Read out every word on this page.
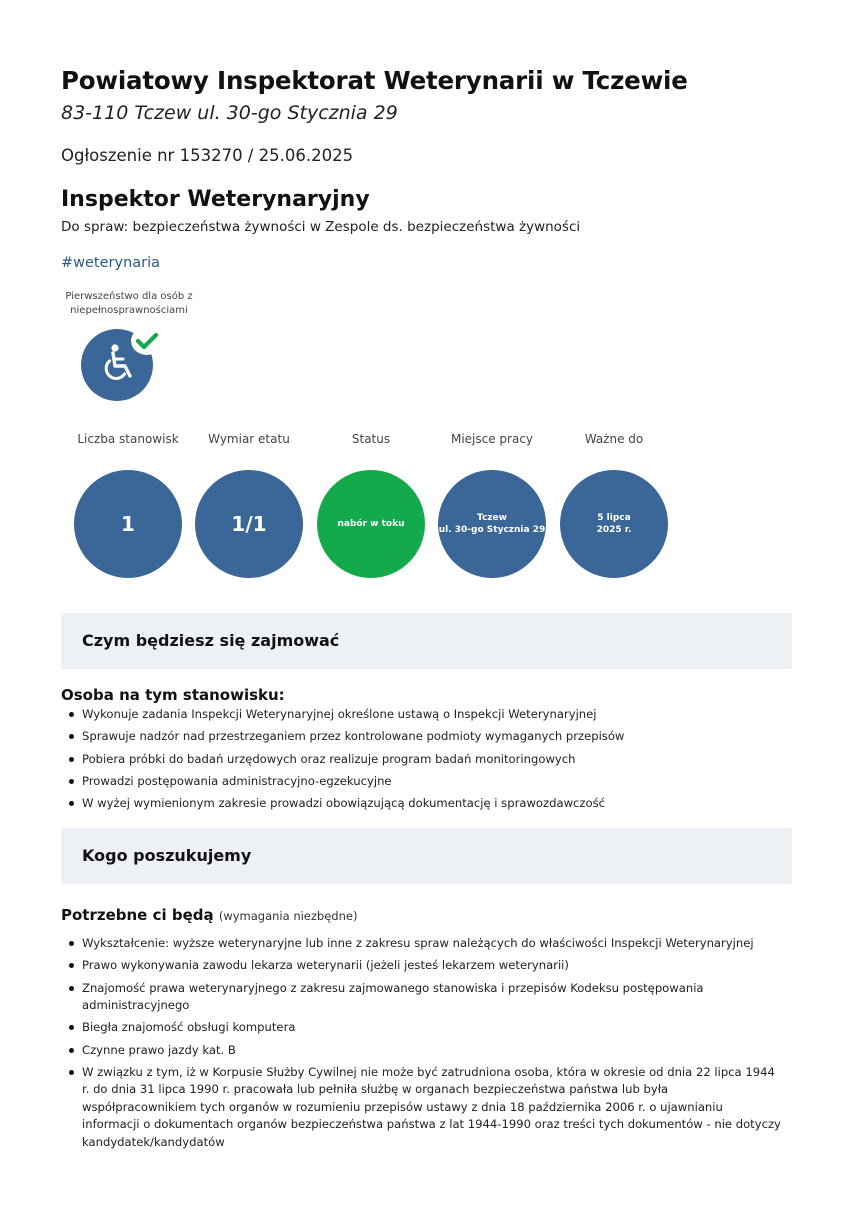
Powiatowy Inspektorat Weterynarii w Tczewie
83-110 Tczew ul. 30-go Stycznia 29
Ogłoszenie nr 153270 / 25.06.2025
Inspektor Weterynaryjny
Do spraw: bezpieczeństwa żywności w Zespole ds. bezpieczeństwa żywności
#weterynaria
Pierwszeństwo dla osób z niepełnosprawnościami
Liczba stanowisk
1
Wymiar etatu
1/1
Status
nabór w toku
Miejsce pracy
Tczew
ul. 30-go Stycznia 29
Ważne do
5 lipca
2025 r.
Czym będziesz się zajmować
Osoba na tym stanowisku:
Wykonuje zadania Inspekcji Weterynaryjnej określone ustawą o Inspekcji Weterynaryjnej
Sprawuje nadzór nad przestrzeganiem przez kontrolowane podmioty wymaganych przepisów
Pobiera próbki do badań urzędowych oraz realizuje program badań monitoringowych
Prowadzi postępowania administracyjno-egzekucyjne
W wyżej wymienionym zakresie prowadzi obowiązującą dokumentację i sprawozdawczość
Kogo poszukujemy
Potrzebne ci będą (wymagania niezbędne)
Wykształcenie: wyższe weterynaryjne lub inne z zakresu spraw należących do właściwości Inspekcji Weterynaryjnej
Prawo wykonywania zawodu lekarza weterynarii (jeżeli jesteś lekarzem weterynarii)
Znajomość prawa weterynaryjnego z zakresu zajmowanego stanowiska i przepisów Kodeksu postępowania administracyjnego
Biegła znajomość obsługi komputera
Czynne prawo jazdy kat. B
W związku z tym, iż w Korpusie Służby Cywilnej nie może być zatrudniona osoba, która w okresie od dnia 22 lipca 1944 r. do dnia 31 lipca 1990 r. pracowała lub pełniła służbę w organach bezpieczeństwa państwa lub była współpracownikiem tych organów w rozumieniu przepisów ustawy z dnia 18 października 2006 r. o ujawnianiu informacji o dokumentach organów bezpieczeństwa państwa z lat 1944-1990 oraz treści tych dokumentów - nie dotyczy kandydatek/kandydatów
